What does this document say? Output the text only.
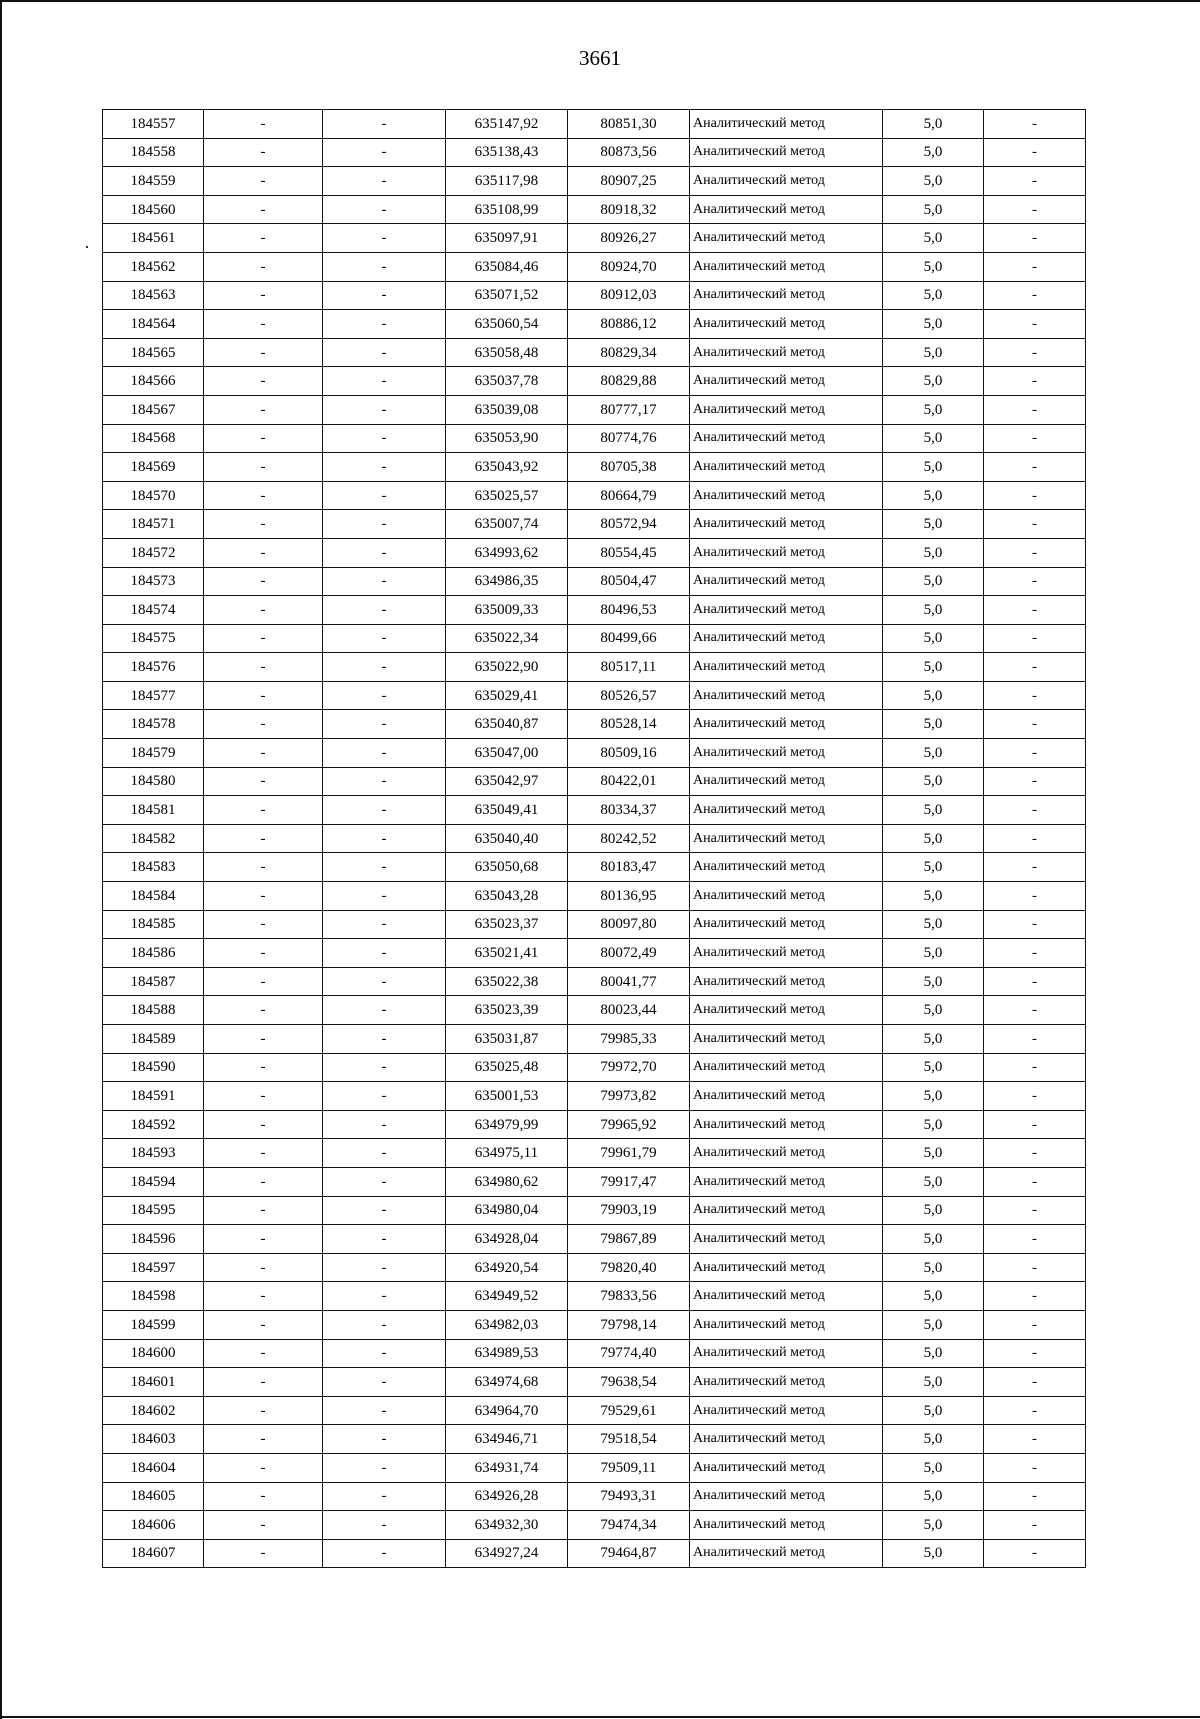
3661
184557	-	-	635147,92	80851,30	Аналитический метод	5,0	-
184558	-	-	635138,43	80873,56	Аналитический метод	5,0	-
184559	-	-	635117,98	80907,25	Аналитический метод	5,0	-
184560	-	-	635108,99	80918,32	Аналитический метод	5,0	-
184561	-	-	635097,91	80926,27	Аналитический метод	5,0	-
184562	-	-	635084,46	80924,70	Аналитический метод	5,0	-
184563	-	-	635071,52	80912,03	Аналитический метод	5,0	-
184564	-	-	635060,54	80886,12	Аналитический метод	5,0	-
184565	-	-	635058,48	80829,34	Аналитический метод	5,0	-
184566	-	-	635037,78	80829,88	Аналитический метод	5,0	-
184567	-	-	635039,08	80777,17	Аналитический метод	5,0	-
184568	-	-	635053,90	80774,76	Аналитический метод	5,0	-
184569	-	-	635043,92	80705,38	Аналитический метод	5,0	-
184570	-	-	635025,57	80664,79	Аналитический метод	5,0	-
184571	-	-	635007,74	80572,94	Аналитический метод	5,0	-
184572	-	-	634993,62	80554,45	Аналитический метод	5,0	-
184573	-	-	634986,35	80504,47	Аналитический метод	5,0	-
184574	-	-	635009,33	80496,53	Аналитический метод	5,0	-
184575	-	-	635022,34	80499,66	Аналитический метод	5,0	-
184576	-	-	635022,90	80517,11	Аналитический метод	5,0	-
184577	-	-	635029,41	80526,57	Аналитический метод	5,0	-
184578	-	-	635040,87	80528,14	Аналитический метод	5,0	-
184579	-	-	635047,00	80509,16	Аналитический метод	5,0	-
184580	-	-	635042,97	80422,01	Аналитический метод	5,0	-
184581	-	-	635049,41	80334,37	Аналитический метод	5,0	-
184582	-	-	635040,40	80242,52	Аналитический метод	5,0	-
184583	-	-	635050,68	80183,47	Аналитический метод	5,0	-
184584	-	-	635043,28	80136,95	Аналитический метод	5,0	-
184585	-	-	635023,37	80097,80	Аналитический метод	5,0	-
184586	-	-	635021,41	80072,49	Аналитический метод	5,0	-
184587	-	-	635022,38	80041,77	Аналитический метод	5,0	-
184588	-	-	635023,39	80023,44	Аналитический метод	5,0	-
184589	-	-	635031,87	79985,33	Аналитический метод	5,0	-
184590	-	-	635025,48	79972,70	Аналитический метод	5,0	-
184591	-	-	635001,53	79973,82	Аналитический метод	5,0	-
184592	-	-	634979,99	79965,92	Аналитический метод	5,0	-
184593	-	-	634975,11	79961,79	Аналитический метод	5,0	-
184594	-	-	634980,62	79917,47	Аналитический метод	5,0	-
184595	-	-	634980,04	79903,19	Аналитический метод	5,0	-
184596	-	-	634928,04	79867,89	Аналитический метод	5,0	-
184597	-	-	634920,54	79820,40	Аналитический метод	5,0	-
184598	-	-	634949,52	79833,56	Аналитический метод	5,0	-
184599	-	-	634982,03	79798,14	Аналитический метод	5,0	-
184600	-	-	634989,53	79774,40	Аналитический метод	5,0	-
184601	-	-	634974,68	79638,54	Аналитический метод	5,0	-
184602	-	-	634964,70	79529,61	Аналитический метод	5,0	-
184603	-	-	634946,71	79518,54	Аналитический метод	5,0	-
184604	-	-	634931,74	79509,11	Аналитический метод	5,0	-
184605	-	-	634926,28	79493,31	Аналитический метод	5,0	-
184606	-	-	634932,30	79474,34	Аналитический метод	5,0	-
184607	-	-	634927,24	79464,87	Аналитический метод	5,0	-
